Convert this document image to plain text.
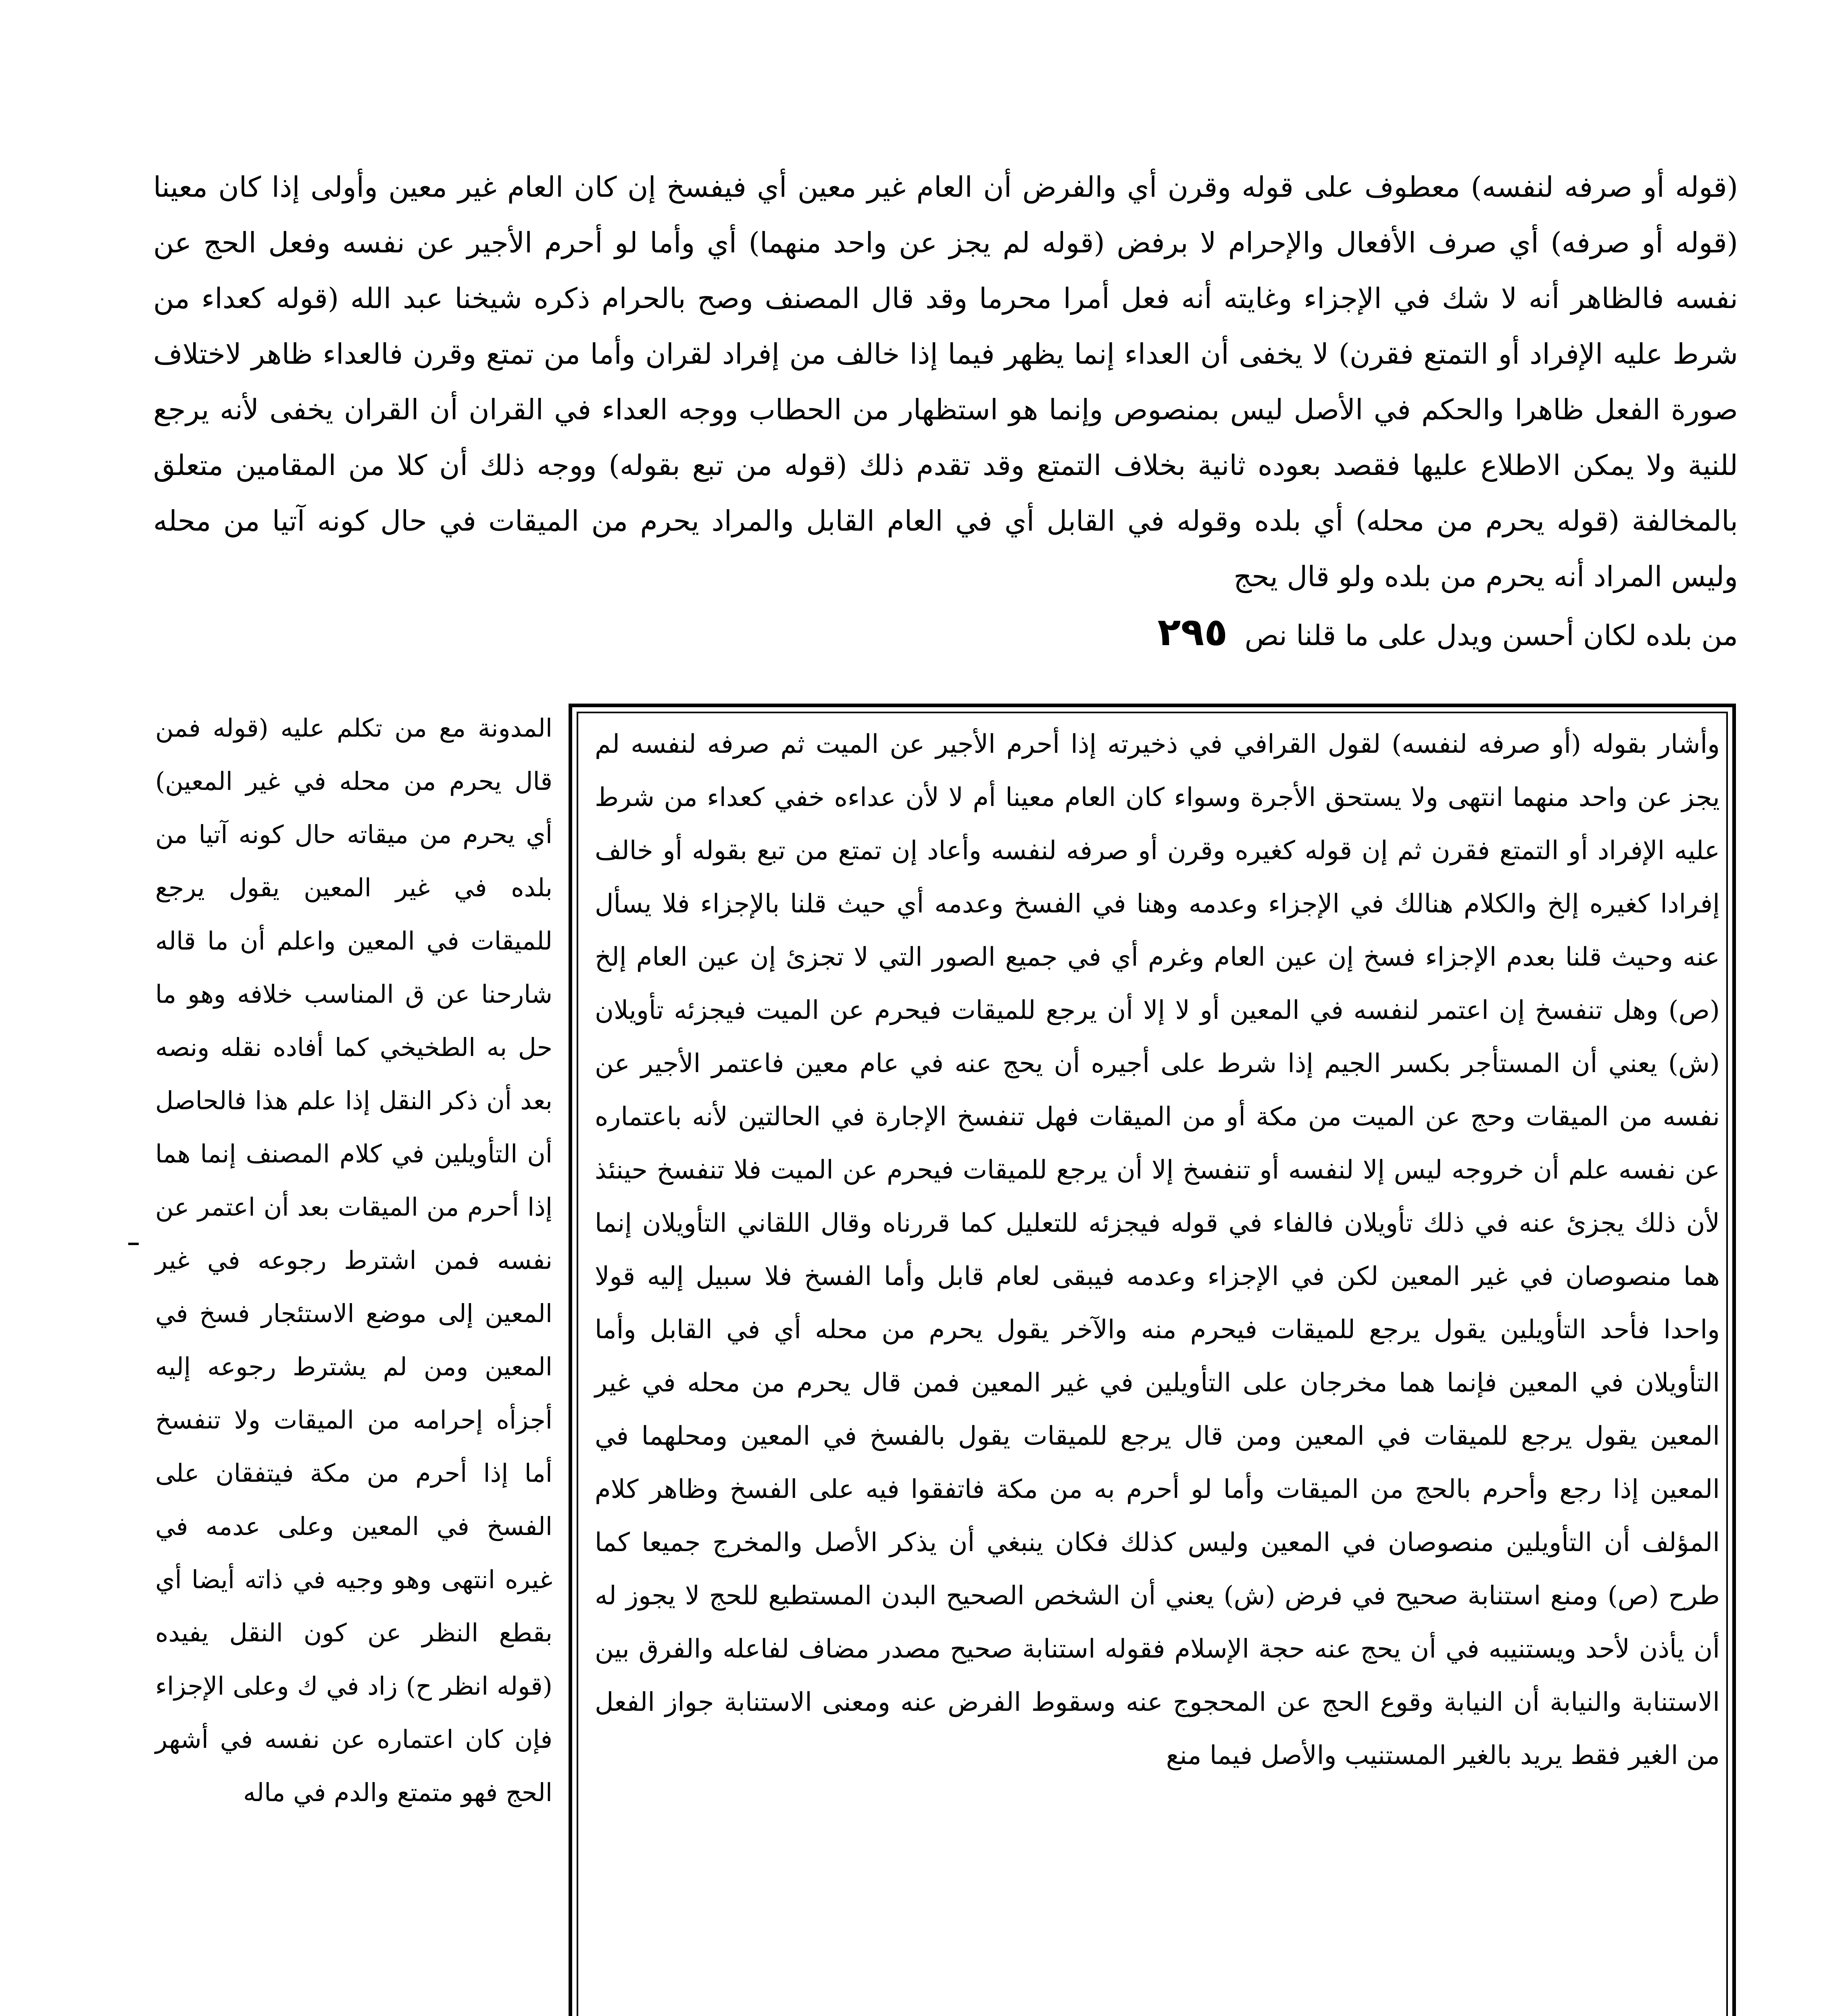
(قوله أو صرفه لنفسه) معطوف على قوله وقرن أي والفرض أن العام غير معين أي فيفسخ إن كان العام غير معين وأولى إذا كان معينا (قوله أو صرفه) أي صرف الأفعال والإحرام لا برفض (قوله لم يجز عن واحد منهما) أي وأما لو أحرم الأجير عن نفسه وفعل الحج عن نفسه فالظاهر أنه لا شك في الإجزاء وغايته أنه فعل أمرا محرما وقد قال المصنف وصح بالحرام ذكره شيخنا عبد الله (قوله كعداء من شرط عليه الإفراد أو التمتع فقرن) لا يخفى أن العداء إنما يظهر فيما إذا خالف من إفراد لقران وأما من تمتع وقرن فالعداء ظاهر لاختلاف صورة الفعل ظاهرا والحكم في الأصل ليس بمنصوص وإنما هو استظهار من الحطاب ووجه العداء في القران أن القران يخفى لأنه يرجع للنية ولا يمكن الاطلاع عليها فقصد بعوده ثانية بخلاف التمتع وقد تقدم ذلك (قوله من تبع بقوله) ووجه ذلك أن كلا من المقامين متعلق بالمخالفة (قوله يحرم من محله) أي بلده وقوله في القابل أي في العام القابل والمراد يحرم من الميقات في حال كونه آتيا من محله وليس المراد أنه يحرم من بلده ولو قال يحج

من بلده لكان أحسن ويدل على ما قلنا نص ٢٩٥

وأشار بقوله (أو صرفه لنفسه) لقول القرافي في ذخيرته إذا أحرم الأجير عن الميت ثم صرفه لنفسه لم يجز عن واحد منهما انتهى ولا يستحق الأجرة وسواء كان العام معينا أم لا لأن عداءه خفي كعداء من شرط عليه الإفراد أو التمتع فقرن ثم إن قوله كغيره وقرن أو صرفه لنفسه وأعاد إن تمتع من تبع بقوله أو خالف إفرادا كغيره إلخ والكلام هنالك في الإجزاء وعدمه وهنا في الفسخ وعدمه أي حيث قلنا بالإجزاء فلا يسأل عنه وحيث قلنا بعدم الإجزاء فسخ إن عين العام وغرم أي في جميع الصور التي لا تجزئ إن عين العام إلخ (ص) وهل تنفسخ إن اعتمر لنفسه في المعين أو لا إلا أن يرجع للميقات فيحرم عن الميت فيجزئه تأويلان (ش) يعني أن المستأجر بكسر الجيم إذا شرط على أجيره أن يحج عنه في عام معين فاعتمر الأجير عن نفسه من الميقات وحج عن الميت من مكة أو من الميقات فهل تنفسخ الإجارة في الحالتين لأنه باعتماره عن نفسه علم أن خروجه ليس إلا لنفسه أو تنفسخ إلا أن يرجع للميقات فيحرم عن الميت فلا تنفسخ حينئذ لأن ذلك يجزئ عنه في ذلك تأويلان فالفاء في قوله فيجزئه للتعليل كما قررناه وقال اللقاني التأويلان إنما هما منصوصان في غير المعين لكن في الإجزاء وعدمه فيبقى لعام قابل وأما الفسخ فلا سبيل إليه قولا واحدا فأحد التأويلين يقول يرجع للميقات فيحرم منه والآخر يقول يحرم من محله أي في القابل وأما التأويلان في المعين فإنما هما مخرجان على التأويلين في غير المعين فمن قال يحرم من محله في غير المعين يقول يرجع للميقات في المعين ومن قال يرجع للميقات يقول بالفسخ في المعين ومحلهما في المعين إذا رجع وأحرم بالحج من الميقات وأما لو أحرم به من مكة فاتفقوا فيه على الفسخ وظاهر كلام المؤلف أن التأويلين منصوصان في المعين وليس كذلك فكان ينبغي أن يذكر الأصل والمخرج جميعا كما طرح (ص) ومنع استنابة صحيح في فرض (ش) يعني أن الشخص الصحيح البدن المستطيع للحج لا يجوز له أن يأذن لأحد ويستنيبه في أن يحج عنه حجة الإسلام فقوله استنابة صحيح مصدر مضاف لفاعله والفرق بين الاستنابة والنيابة أن النيابة وقوع الحج عن المحجوج عنه وسقوط الفرض عنه ومعنى الاستنابة جواز الفعل من الغير فقط يريد بالغير المستنيب والأصل فيما منع

المدونة مع من تكلم عليه (قوله فمن قال يحرم من محله في غير المعين) أي يحرم من ميقاته حال كونه آتيا من بلده في غير المعين يقول يرجع للميقات في المعين واعلم أن ما قاله شارحنا عن ق المناسب خلافه وهو ما حل به الطخيخي كما أفاده نقله ونصه بعد أن ذكر النقل إذا علم هذا فالحاصل أن التأويلين في كلام المصنف إنما هما إذا أحرم من الميقات بعد أن اعتمر عن نفسه فمن اشترط رجوعه في غير المعين إلى موضع الاستئجار فسخ في المعين ومن لم يشترط رجوعه إليه أجزأه إحرامه من الميقات ولا تنفسخ أما إذا أحرم من مكة فيتفقان على الفسخ في المعين وعلى عدمه في غيره انتهى وهو وجيه في ذاته أيضا أي بقطع النظر عن كون النقل يفيده (قوله انظر ح) زاد في ك وعلى الإجزاء فإن كان اعتماره عن نفسه في أشهر الحج فهو متمتع والدم في ماله
